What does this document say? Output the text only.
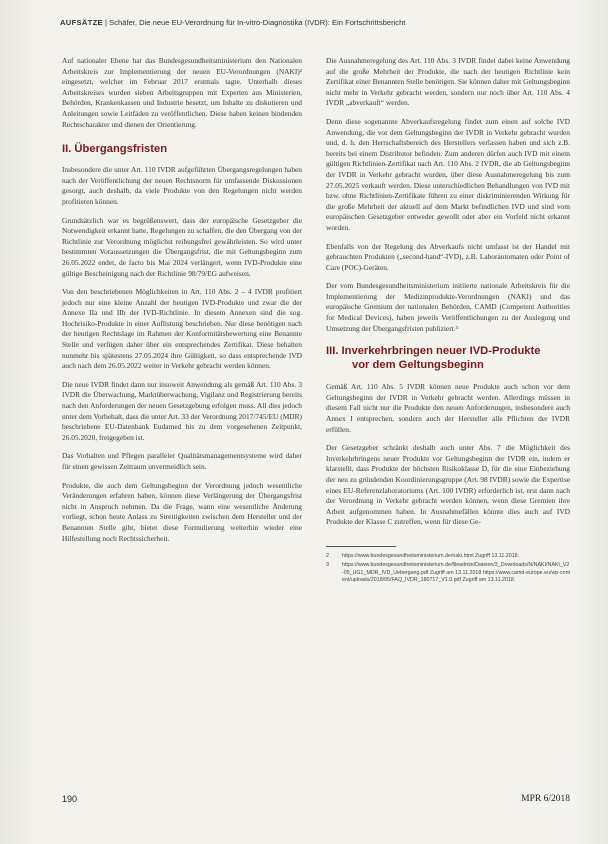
AUFSÄTZE | Schäfer, Die neue EU-Verordnung für In-vitro-Diagnostika (IVDR): Ein Fortschrittsbericht

Auf nationaler Ebene hat das Bundesgesundheitsministerium den Nationalen Arbeitskreis zur Implementierung der neuen EU-Verordnungen (NAKI)² eingesetzt, welcher im Februar 2017 erstmals tagte. Unterhalb dieses Arbeitskreises wurden sieben Arbeitsgruppen mit Experten aus Ministerien, Behörden, Krankenkassen und Industrie besetzt, um Inhalte zu diskutieren und Anleitungen sowie Leitfäden zu veröffentlichen. Diese haben keinen bindenden Rechtscharakter und dienen der Orientierung.

II. Übergangsfristen

Insbesondere die unter Art. 110 IVDR aufgeführten Übergangsregelungen haben nach der Veröffentlichung der neuen Rechtsnorm für umfassende Diskussionen gesorgt, auch deshalb, da viele Produkte von den Regelungen nicht werden profitieren können.

Grundsätzlich war es begrüßenswert, dass der europäische Gesetzgeber die Notwendigkeit erkannt hatte, Regelungen zu schaffen, die den Übergang von der Richtlinie zur Verordnung möglichst reibungsfrei gewährleisten. So wird unter bestimmten Voraussetzungen die Übergangsfrist, die mit Geltungsbeginn zum 26.05.2022 endet, de facto bis Mai 2024 verlängert, wenn IVD-Produkte eine gültige Bescheinigung nach der Richtlinie 98/79/EG aufweisen.

Von den beschriebenen Möglichkeiten in Art. 110 Abs. 2 – 4 IVDR profitiert jedoch nur eine kleine Anzahl der heutigen IVD-Produkte und zwar die der Annexe IIa und IIb der IVD-Richtlinie. In diesem Annexen sind die sog. Hochrisiko-Produkte in einer Auflistung beschrieben. Nur diese benötigen nach der heutigen Rechtslage im Rahmen der Konformitätsbewertung eine Benannte Stelle und verfügen daher über ein entsprechendes Zertifikat. Diese behalten nunmehr bis spätestens 27.05.2024 ihre Gültigkeit, so dass entsprechende IVD auch nach dem 26.05.2022 weiter in Verkehr gebracht werden können.

Die neue IVDR findet dann nur insoweit Anwendung als gemäß Art. 110 Abs. 3 IVDR die Überwachung, Marktüberwachung, Vigilanz und Registrierung bereits nach den Anforderungen der neuen Gesetzgebung erfolgen muss. All dies jedoch unter dem Vorbehalt, dass die unter Art. 33 der Verordnung 2017/745/EU (MDR) beschriebene EU-Datenbank Eudamed bis zu dem vorgesehenen Zeitpunkt, 26.05.2020, freigegeben ist.

Das Vorhalten und Pflegen paralleler Qualitätsmanagementsysteme wird daher für einen gewissen Zeitraum unvermeidlich sein.

Produkte, die auch dem Geltungsbeginn der Verordnung jedoch wesentliche Veränderungen erfahren haben, können diese Verlängerung der Übergangsfrist nicht in Anspruch nehmen. Da die Frage, wann eine wesentliche Änderung vorliegt, schon heute Anlass zu Streitigkeiten zwischen dem Hersteller und der Benannten Stelle gibt, bietet diese Formulierung weiterhin wieder eine Hilfestellung noch Rechtssicherheit.

Die Ausnahmeregelung des Art. 110 Abs. 3 IVDR findet dabei keine Anwendung auf die große Mehrheit der Produkte, die nach der heutigen Richtlinie kein Zertifikat einer Benannten Stelle benötigen. Sie können daher mit Geltungsbeginn nicht mehr in Verkehr gebracht werden, sondern nur noch über Art. 110 Abs. 4 IVDR „abverkauft“ werden.

Denn diese sogenannte Abverkaufsregelung findet zum einen auf solche IVD Anwendung, die vor dem Geltungsbeginn der IVDR in Verkehr gebracht wurden und, d. h. den Herrschaftsbereich des Herstellers verlassen haben und sich z.B. bereits bei einem Distributor befinden. Zum anderen dürfen auch IVD mit einem gültigen Richtlinien-Zertifikat nach Art. 110 Abs. 2 IVDR, die ab Geltungsbeginn der IVDR in Verkehr gebracht wurden, über diese Ausnahmeregelung bis zum 27.05.2025 verkauft werden. Diese unterschiedlichen Behandlungen von IVD mit bzw. ohne Richtlinien-Zertifikate führen zu einer diskriminierenden Wirkung für die große Mehrheit der aktuell auf dem Markt befindlichen IVD und sind vom europäischen Gesetzgeber entweder gewollt oder aber ein Vorfeld nicht erkannt worden.

Ebenfalls von der Regelung des Abverkaufs nicht umfasst ist der Handel mit gebrauchten Produkten („second-hand“-IVD), z.B. Laborautomaten oder Point of Care (POC)-Geräten.

Der vom Bundesgesundheitsministerium initiierte nationale Arbeitskreis für die Implementierung der Medizinprodukte-Verordnungen (NAKI) und das europäische Gremium der nationalen Behörden, CAMD (Competent Authorities for Medical Devices), haben jeweils Veröffentlichungen zu der Auslegung und Umsetzung der Übergangsfristen publiziert.³

III. Inverkehrbringen neuer IVD-Produkte
vor dem Geltungsbeginn

Gemäß Art. 110 Abs. 5 IVDR können neue Produkte auch schon vor dem Geltungsbeginn der IVDR in Verkehr gebracht werden. Allerdings müssen in diesem Fall nicht nur die Produkte den neuen Anforderungen, insbesondere auch Annex I entsprechen, sondern auch der Hersteller alle Pflichten der IVDR erfüllen.

Der Gesetzgeber schränkt deshalb auch unter Abs. 7 die Möglichkeit des Inverkehrbringens neuer Produkte vor Geltungsbeginn der IVDR ein, indem er klarstellt, dass Produkte der höchsten Risikoklasse D, für die eine Einbeziehung der neu zu gründenden Koordinierungsgruppe (Art. 98 IVDR) sowie die Expertise eines EU-Referenzlaboratoriums (Art. 100 IVDR) erforderlich ist, erst dann nach der Verordnung in Verkehr gebracht werden können, wenn diese Gremien ihre Arbeit aufgenommen haben. In Ausnahmefällen könnte dies auch auf IVD Produkte der Klasse C zutreffen, wenn für diese Ge-

2	https://www.bundesgesundheitsministerium.de/naki.html Zugriff 13.11.2018.
3	https://www.bundesgesundheitsministerium.de/fileadmin/Dateien/3_Downloads/N/NAKI/NAKI_V2-05_UG1_MDR_IVD_Uebergang.pdf Zugriff am 13.11.2018 https://www.camd-europe.eu/wp-content/uploads/2018/05/FAQ_IVDR_180717_V1.0.pdf Zugriff am 13.11.2018.
190	MPR 6/2018
